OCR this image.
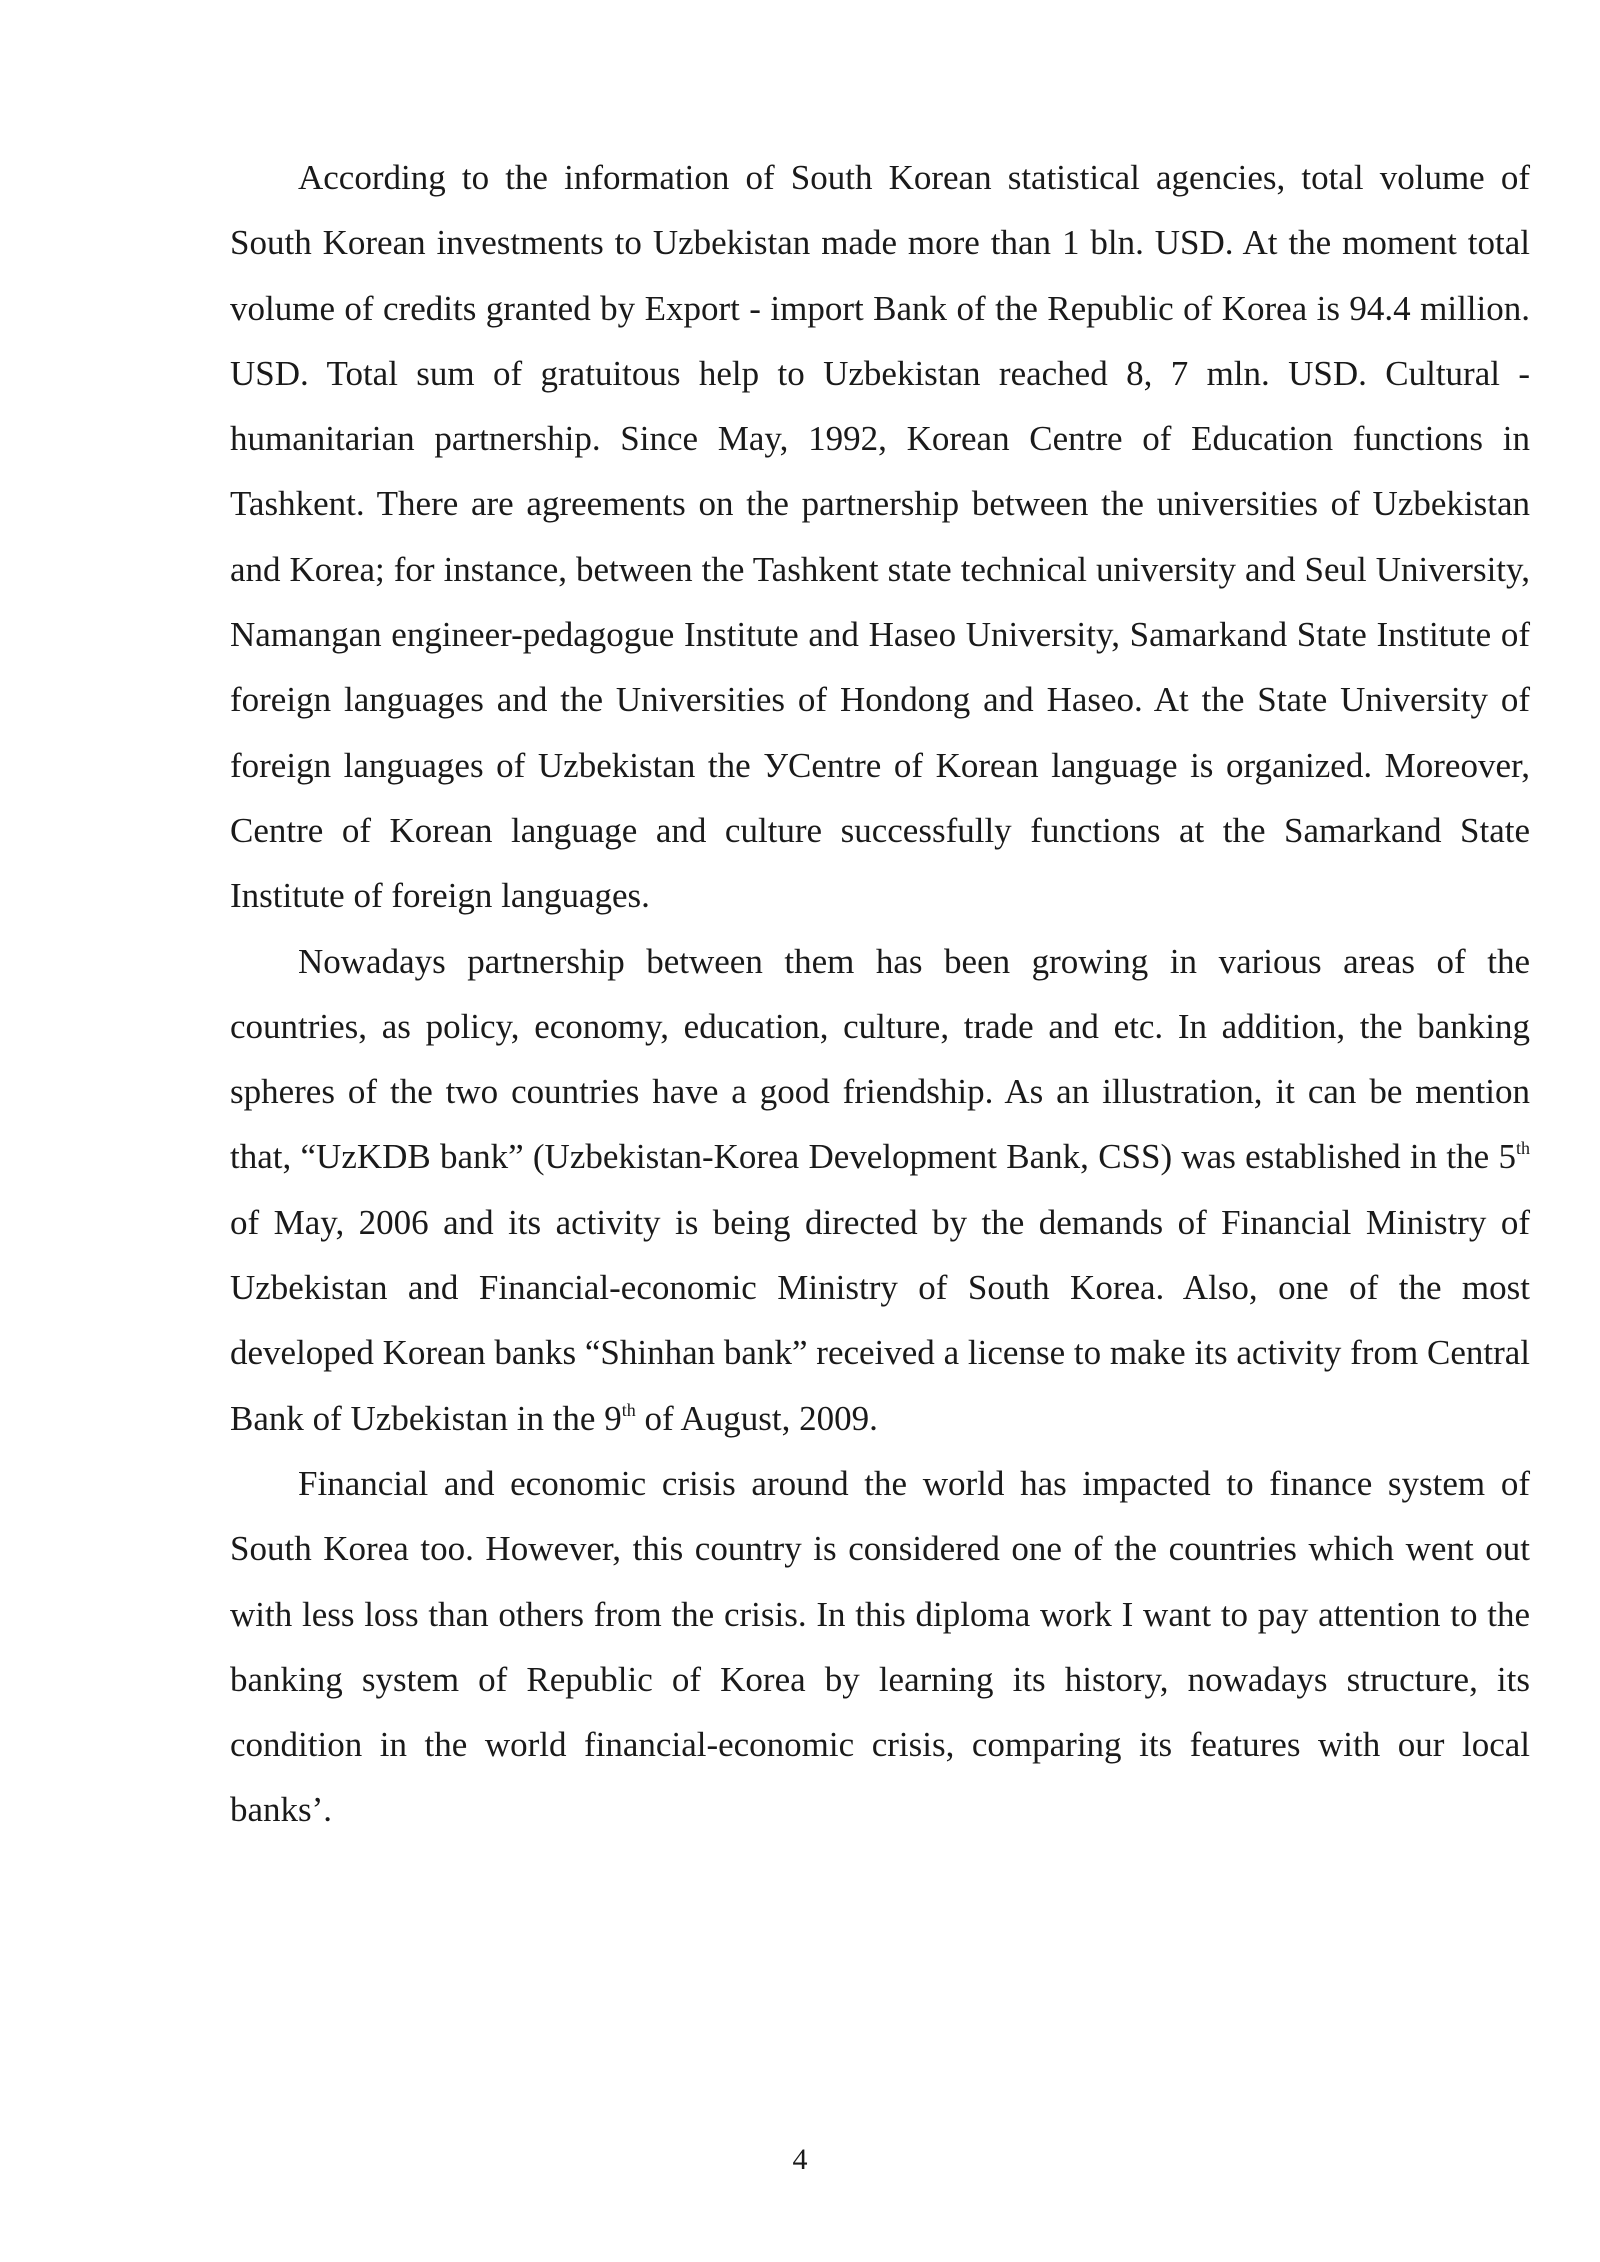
According to the information of South Korean statistical agencies, total volume of South Korean investments to Uzbekistan made more than 1 bln. USD. At the moment total volume of credits granted by Export - import Bank of the Republic of Korea is 94.4 million. USD. Total sum of gratuitous help to Uzbekistan reached 8, 7 mln. USD. Cultural - humanitarian partnership. Since May, 1992, Korean Centre of Education functions in Tashkent. There are agreements on the partnership between the universities of Uzbekistan and Korea; for instance, between the Tashkent state technical university and Seul University, Namangan engineer-pedagogue Institute and Haseo University, Samarkand State Institute of foreign languages and the Universities of Hondong and Haseo. At the State University of foreign languages of Uzbekistan the УCentre of Korean language is organized. Moreover, Centre of Korean language and culture successfully functions at the Samarkand State Institute of foreign languages.

Nowadays partnership between them has been growing in various areas of the countries, as policy, economy, education, culture, trade and etc. In addition, the banking spheres of the two countries have a good friendship. As an illustration, it can be mention that, “UzKDB bank” (Uzbekistan-Korea Development Bank, CSS) was established in the 5th of May, 2006 and its activity is being directed by the demands of Financial Ministry of Uzbekistan and Financial-economic Ministry of South Korea. Also, one of the most developed Korean banks “Shinhan bank” received a license to make its activity from Central Bank of Uzbekistan in the 9th of August, 2009.

Financial and economic crisis around the world has impacted to finance system of South Korea too. However, this country is considered one of the countries which went out with less loss than others from the crisis. In this diploma work I want to pay attention to the banking system of Republic of Korea by learning its history, nowadays structure, its condition in the world financial-economic crisis, comparing its features with our local banks’.

4
